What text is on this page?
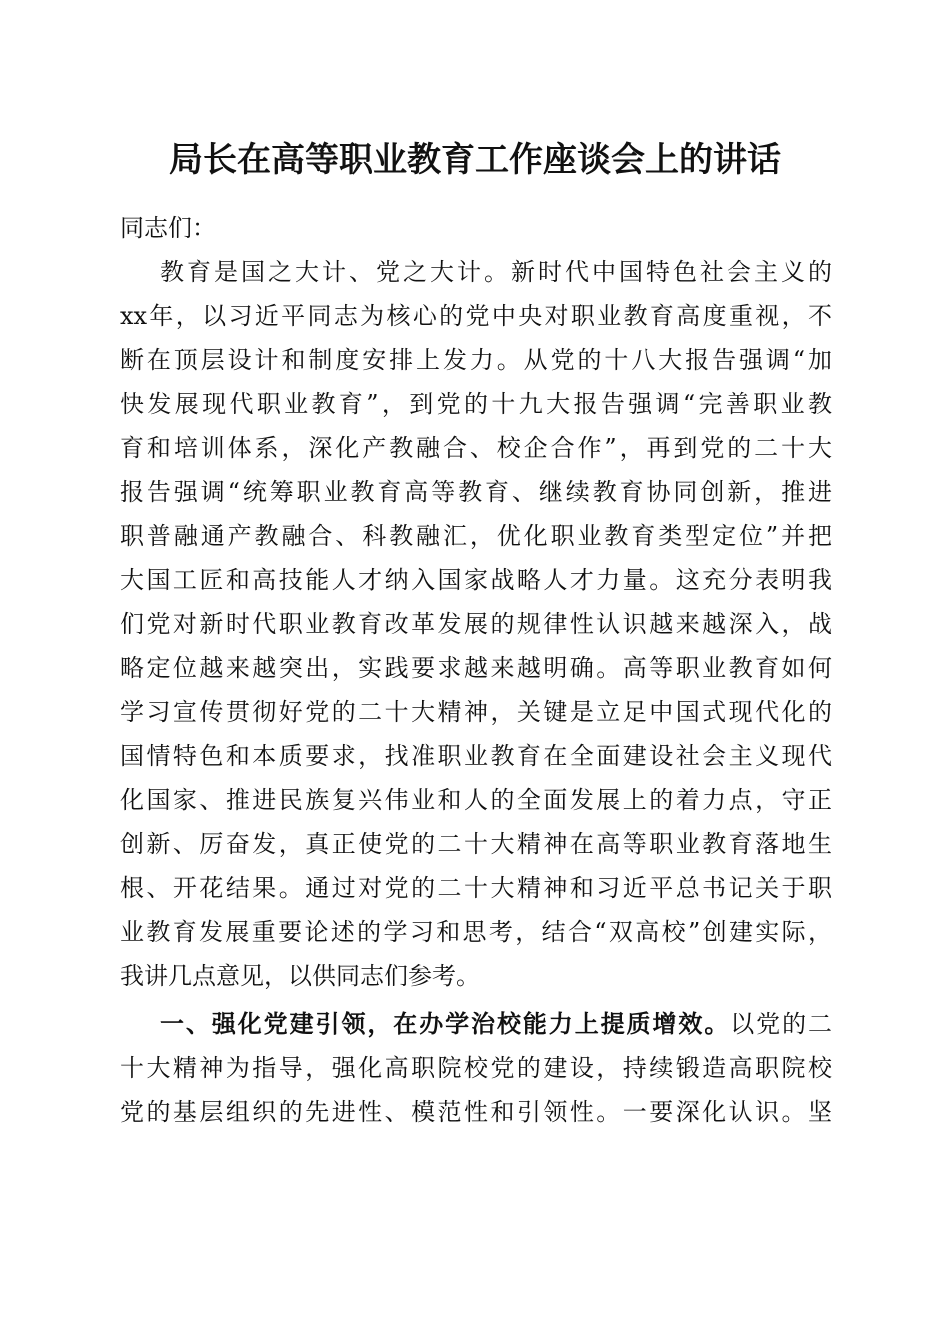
局长在高等职业教育工作座谈会上的讲话
同志们：
教育是国之大计、党之大计。新时代中国特色社会主义的
xx年，以习近平同志为核心的党中央对职业教育高度重视，不
断在顶层设计和制度安排上发力。从党的十八大报告强调“加
快发展现代职业教育”，到党的十九大报告强调“完善职业教
育和培训体系，深化产教融合、校企合作”，再到党的二十大
报告强调“统筹职业教育高等教育、继续教育协同创新，推进
职普融通产教融合、科教融汇，优化职业教育类型定位”并把
大国工匠和高技能人才纳入国家战略人才力量。这充分表明我
们党对新时代职业教育改革发展的规律性认识越来越深入，战
略定位越来越突出，实践要求越来越明确。高等职业教育如何
学习宣传贯彻好党的二十大精神，关键是立足中国式现代化的
国情特色和本质要求，找准职业教育在全面建设社会主义现代
化国家、推进民族复兴伟业和人的全面发展上的着力点，守正
创新、厉奋发，真正使党的二十大精神在高等职业教育落地生
根、开花结果。通过对党的二十大精神和习近平总书记关于职
业教育发展重要论述的学习和思考，结合“双高校”创建实际，
我讲几点意见，以供同志们参考。
一、强化党建引领，在办学治校能力上提质增效。以党的二
十大精神为指导，强化高职院校党的建设，持续锻造高职院校
党的基层组织的先进性、模范性和引领性。一要深化认识。坚
